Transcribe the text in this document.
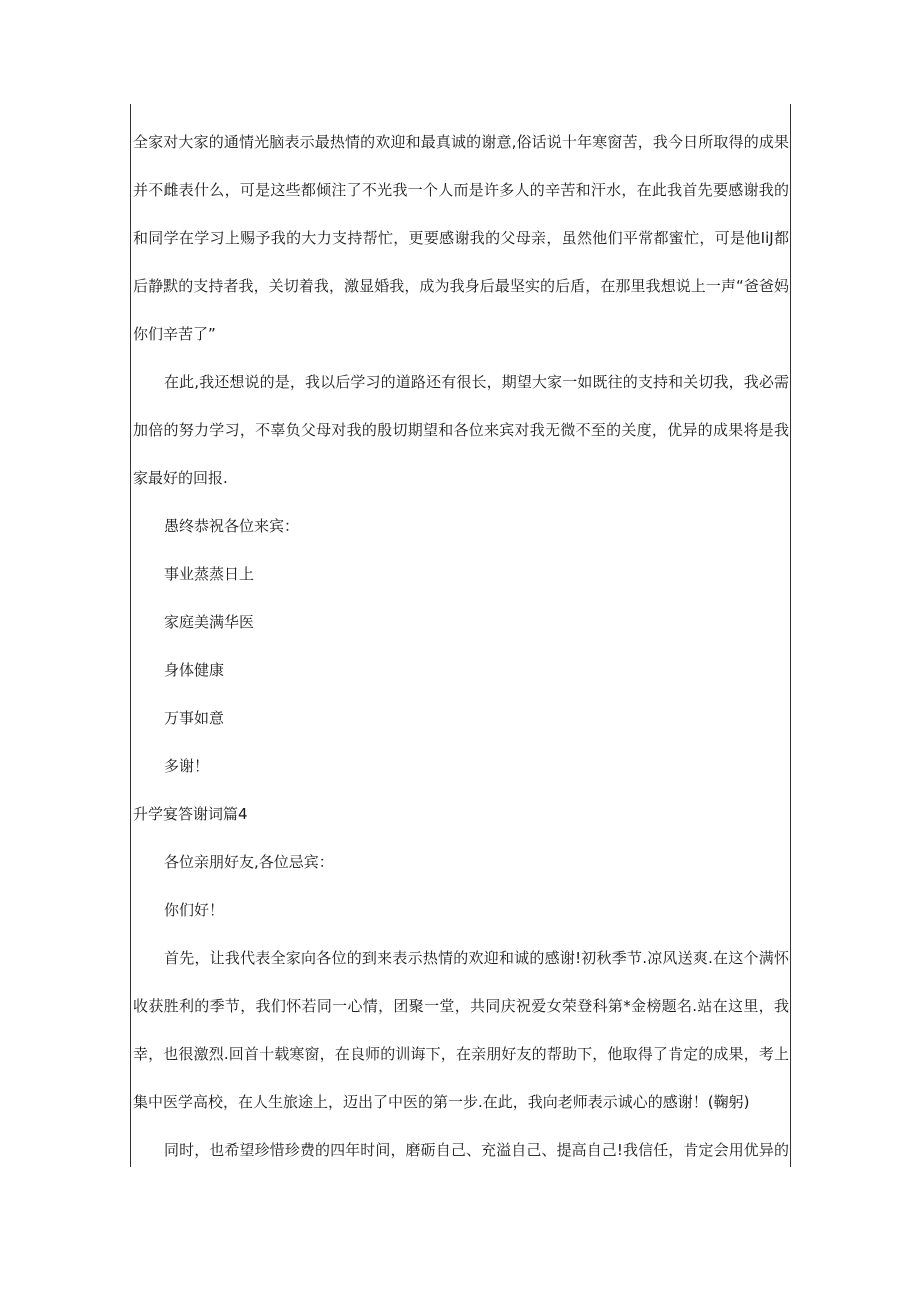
全家对大家的通情光脑表示最热情的欢迎和最真诚的谢意,俗话说十年寒窗苦，我今日所取得的成果
并不雌表什么，可是这些都倾注了不光我一个人而是许多人的辛苦和汗水，在此我首先要感谢我的
和同学在学习上赐予我的大力支持帮忙，更要感谢我的父母亲，虽然他们平常都蜜忙，可是他IiJ都
后静默的支持者我，关切着我，激显婚我，成为我身后最坚实的后盾，在那里我想说上一声“爸爸妈
你们辛苦了”
在此,我还想说的是，我以后学习的道路还有很长，期望大家一如既往的支持和关切我，我必需
加倍的努力学习，不辜负父母对我的殷切期望和各位来宾对我无微不至的关度，优异的成果将是我
家最好的回报.
愚终恭祝各位来宾：
事业蒸蒸日上
家庭美满华医
身体健康
万事如意
多谢！
升学宴答谢词篇4
各位亲朋好友,各位忌宾：
你们好！
首先，让我代表全家向各位的到来表示热情的欢迎和诚的感谢!初秋季节.凉风送爽.在这个满怀
收获胜利的季节，我们怀若同一心情，团聚一堂，共同庆祝爱女荣登科第*金榜题名.站在这里，我
幸，也很激烈.回首十载寒窗，在良师的训诲下，在亲朋好友的帮助下，他取得了肯定的成果，考上
集中医学高校，在人生旅途上，迈出了中医的第一步.在此，我向老师表示诚心的感谢！(鞠躬)
同时，也希望珍惜珍费的四年时间，磨砺自己、充溢自己、提高自己!我信任，肯定会用优异的
